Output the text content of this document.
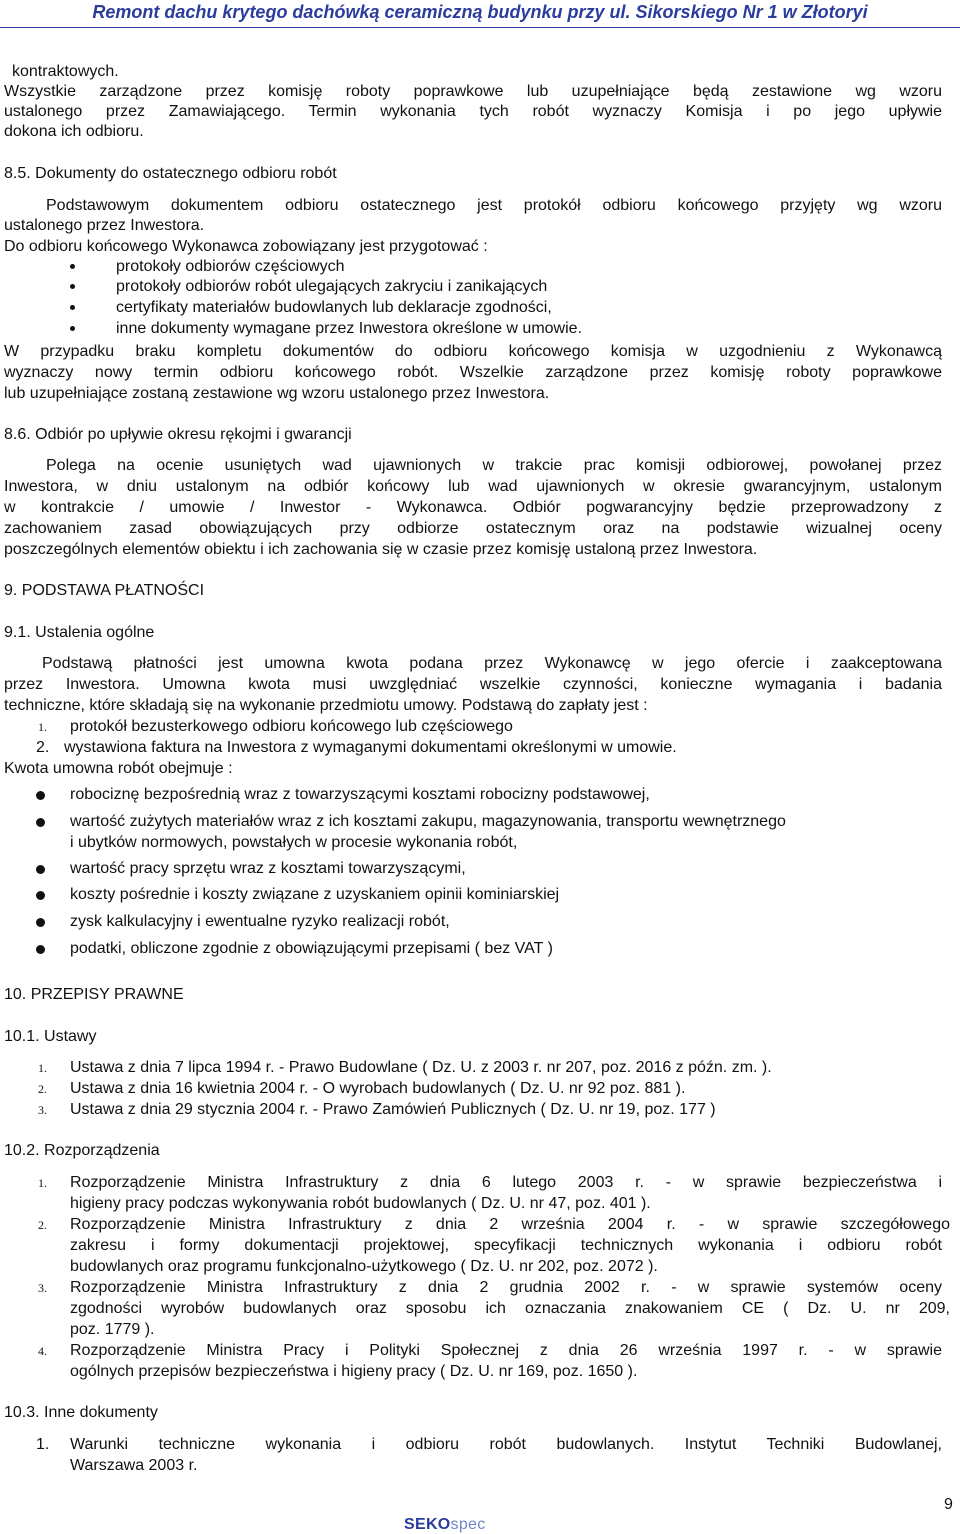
Remont dachu krytego dachówką ceramiczną budynku przy ul. Sikorskiego Nr 1 w Złotoryi
kontraktowych.
Wszystkie zarządzone przez komisję roboty poprawkowe lub uzupełniające będą zestawione wg wzoru
ustalonego przez Zamawiającego. Termin wykonania tych robót wyznaczy Komisja i po jego upływie
dokona ich odbioru.
8.5. Dokumenty do ostatecznego odbioru robót
Podstawowym dokumentem odbioru ostatecznego jest protokół odbioru końcowego przyjęty wg wzoru
ustalonego przez Inwestora.
Do odbioru końcowego Wykonawca zobowiązany jest przygotować :
protokoły odbiorów częściowych
protokoły odbiorów robót ulegających zakryciu i zanikających
certyfikaty materiałów budowlanych lub deklaracje zgodności,
inne dokumenty wymagane przez Inwestora określone w umowie.
W przypadku braku kompletu dokumentów do odbioru końcowego komisja w uzgodnieniu z Wykonawcą
wyznaczy nowy termin odbioru końcowego robót. Wszelkie zarządzone przez komisję roboty poprawkowe
lub uzupełniające zostaną zestawione wg wzoru ustalonego przez Inwestora.
8.6. Odbiór po upływie okresu rękojmi i gwarancji
Polega na ocenie usuniętych wad ujawnionych w trakcie prac komisji odbiorowej, powołanej przez
Inwestora, w dniu ustalonym na odbiór końcowy lub wad ujawnionych w okresie gwarancyjnym, ustalonym
w kontrakcie / umowie / Inwestor - Wykonawca. Odbiór pogwarancyjny będzie przeprowadzony z
zachowaniem zasad obowiązujących przy odbiorze ostatecznym oraz na podstawie wizualnej oceny
poszczególnych elementów obiektu i ich zachowania się w czasie przez komisję ustaloną przez Inwestora.
9. PODSTAWA PŁATNOŚCI
9.1. Ustalenia ogólne
Podstawą płatności jest umowna kwota podana przez Wykonawcę w jego ofercie i zaakceptowana
przez Inwestora. Umowna kwota musi uwzględniać wszelkie czynności, konieczne wymagania i badania
techniczne, które składają się na wykonanie przedmiotu umowy. Podstawą do zapłaty jest :
1. protokół bezusterkowego odbioru końcowego lub częściowego
2. wystawiona faktura na Inwestora z wymaganymi dokumentami określonymi w umowie.
Kwota umowna robót obejmuje :
robociznę bezpośrednią wraz z towarzyszącymi kosztami robocizny podstawowej,
wartość zużytych materiałów wraz z ich kosztami zakupu, magazynowania, transportu wewnętrznego
i ubytków normowych, powstałych w procesie wykonania robót,
wartość pracy sprzętu wraz z kosztami towarzyszącymi,
koszty pośrednie i koszty związane z uzyskaniem opinii kominiarskiej
zysk kalkulacyjny i ewentualne ryzyko realizacji robót,
podatki, obliczone zgodnie z obowiązującymi przepisami ( bez VAT )
10. PRZEPISY PRAWNE
10.1. Ustawy
1. Ustawa z dnia 7 lipca 1994 r. - Prawo Budowlane ( Dz. U. z 2003 r. nr 207, poz. 2016 z późn. zm. ).
2. Ustawa z dnia 16 kwietnia 2004 r. - O wyrobach budowlanych ( Dz. U. nr 92 poz. 881 ).
3. Ustawa z dnia 29 stycznia 2004 r. - Prawo Zamówień Publicznych ( Dz. U. nr 19, poz. 177 )
10.2. Rozporządzenia
1. Rozporządzenie Ministra Infrastruktury z dnia 6 lutego 2003 r. - w sprawie bezpieczeństwa i
higieny pracy podczas wykonywania robót budowlanych ( Dz. U. nr 47, poz. 401 ).
2. Rozporządzenie Ministra Infrastruktury z dnia 2 września 2004 r. - w sprawie szczegółowego
zakresu i formy dokumentacji projektowej, specyfikacji technicznych wykonania i odbioru robót
budowlanych oraz programu funkcjonalno-użytkowego ( Dz. U. nr 202, poz. 2072 ).
3. Rozporządzenie Ministra Infrastruktury z dnia 2 grudnia 2002 r. - w sprawie systemów oceny
zgodności wyrobów budowlanych oraz sposobu ich oznaczania znakowaniem CE ( Dz. U. nr 209,
poz. 1779 ).
4. Rozporządzenie Ministra Pracy i Polityki Społecznej z dnia 26 września 1997 r. - w sprawie
ogólnych przepisów bezpieczeństwa i higieny pracy ( Dz. U. nr 169, poz. 1650 ).
10.3. Inne dokumenty
1. Warunki techniczne wykonania i odbioru robót budowlanych. Instytut Techniki Budowlanej,
Warszawa 2003 r.
9
SEKOspec
